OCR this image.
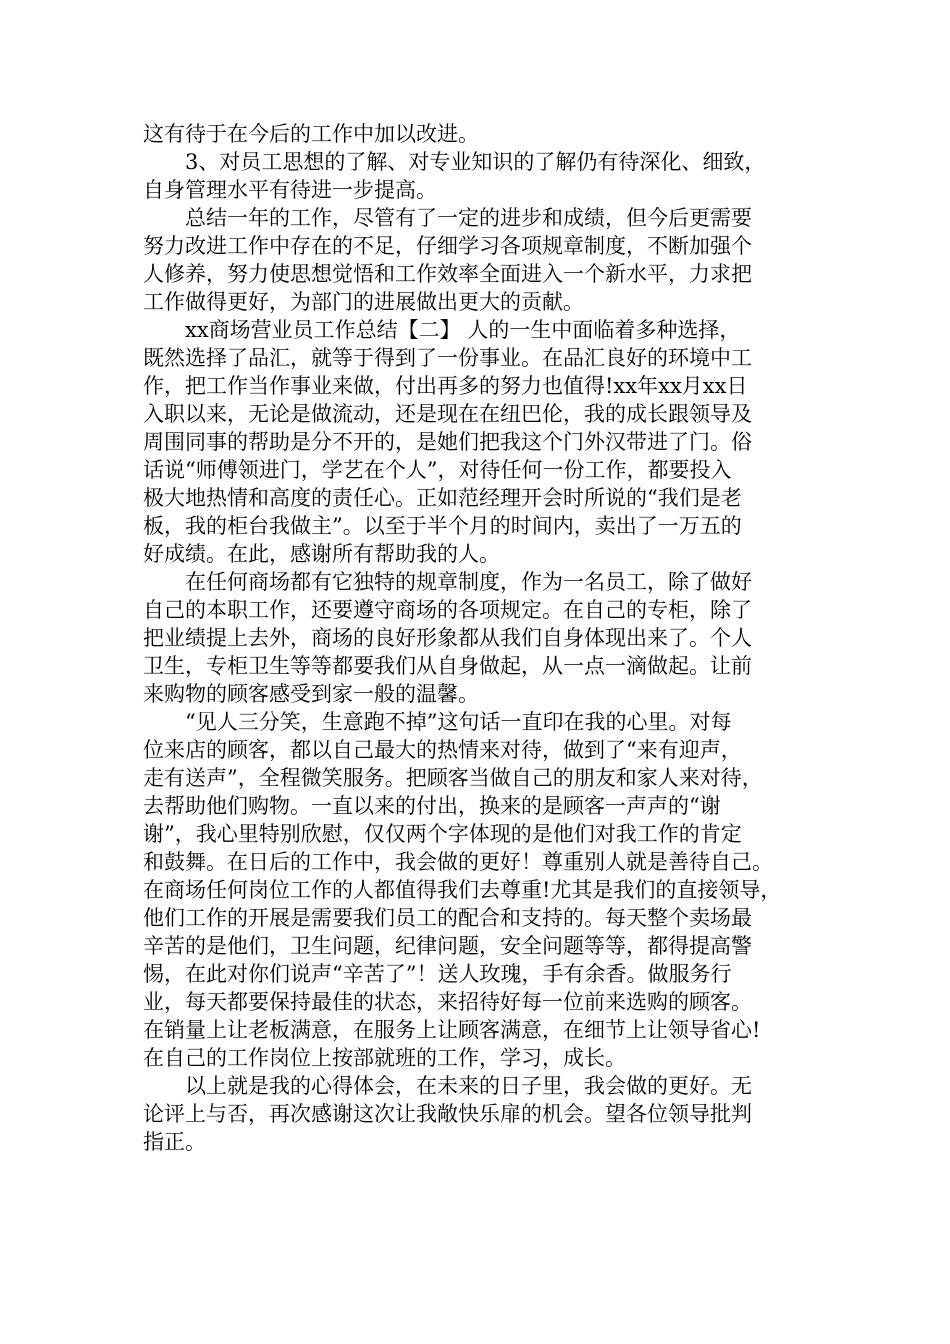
这有待于在今后的工作中加以改进。

3、对员工思想的了解、对专业知识的了解仍有待深化、细致，
自身管理水平有待进一步提高。

总结一年的工作，尽管有了一定的进步和成绩，但今后更需要
努力改进工作中存在的不足，仔细学习各项规章制度，不断加强个
人修养，努力使思想觉悟和工作效率全面进入一个新水平，力求把
工作做得更好，为部门的进展做出更大的贡献。

xx商场营业员工作总结【二】 人的一生中面临着多种选择，
既然选择了品汇，就等于得到了一份事业。在品汇良好的环境中工
作，把工作当作事业来做，付出再多的努力也值得!xx年xx月xx日
入职以来，无论是做流动，还是现在在纽巴伦，我的成长跟领导及
周围同事的帮助是分不开的，是她们把我这个门外汉带进了门。俗
话说“师傅领进门，学艺在个人”，对待任何一份工作，都要投入
极大地热情和高度的责任心。正如范经理开会时所说的“我们是老
板，我的柜台我做主”。以至于半个月的时间内，卖出了一万五的
好成绩。在此，感谢所有帮助我的人。

在任何商场都有它独特的规章制度，作为一名员工，除了做好
自己的本职工作，还要遵守商场的各项规定。在自己的专柜，除了
把业绩提上去外，商场的良好形象都从我们自身体现出来了。个人
卫生，专柜卫生等等都要我们从自身做起，从一点一滴做起。让前
来购物的顾客感受到家一般的温馨。

“见人三分笑，生意跑不掉”这句话一直印在我的心里。对每
位来店的顾客，都以自己最大的热情来对待，做到了“来有迎声，
走有送声”，全程微笑服务。把顾客当做自己的朋友和家人来对待，
去帮助他们购物。一直以来的付出，换来的是顾客一声声的“谢
谢”，我心里特别欣慰，仅仅两个字体现的是他们对我工作的肯定
和鼓舞。在日后的工作中，我会做的更好！尊重别人就是善待自己。
在商场任何岗位工作的人都值得我们去尊重!尤其是我们的直接领导，
他们工作的开展是需要我们员工的配合和支持的。每天整个卖场最
辛苦的是他们，卫生问题，纪律问题，安全问题等等，都得提高警
惕，在此对你们说声“辛苦了”！送人玫瑰，手有余香。做服务行
业，每天都要保持最佳的状态，来招待好每一位前来选购的顾客。
在销量上让老板满意，在服务上让顾客满意，在细节上让领导省心!
在自己的工作岗位上按部就班的工作，学习，成长。

以上就是我的心得体会，在未来的日子里，我会做的更好。无
论评上与否，再次感谢这次让我敞快乐扉的机会。望各位领导批判
指正。
